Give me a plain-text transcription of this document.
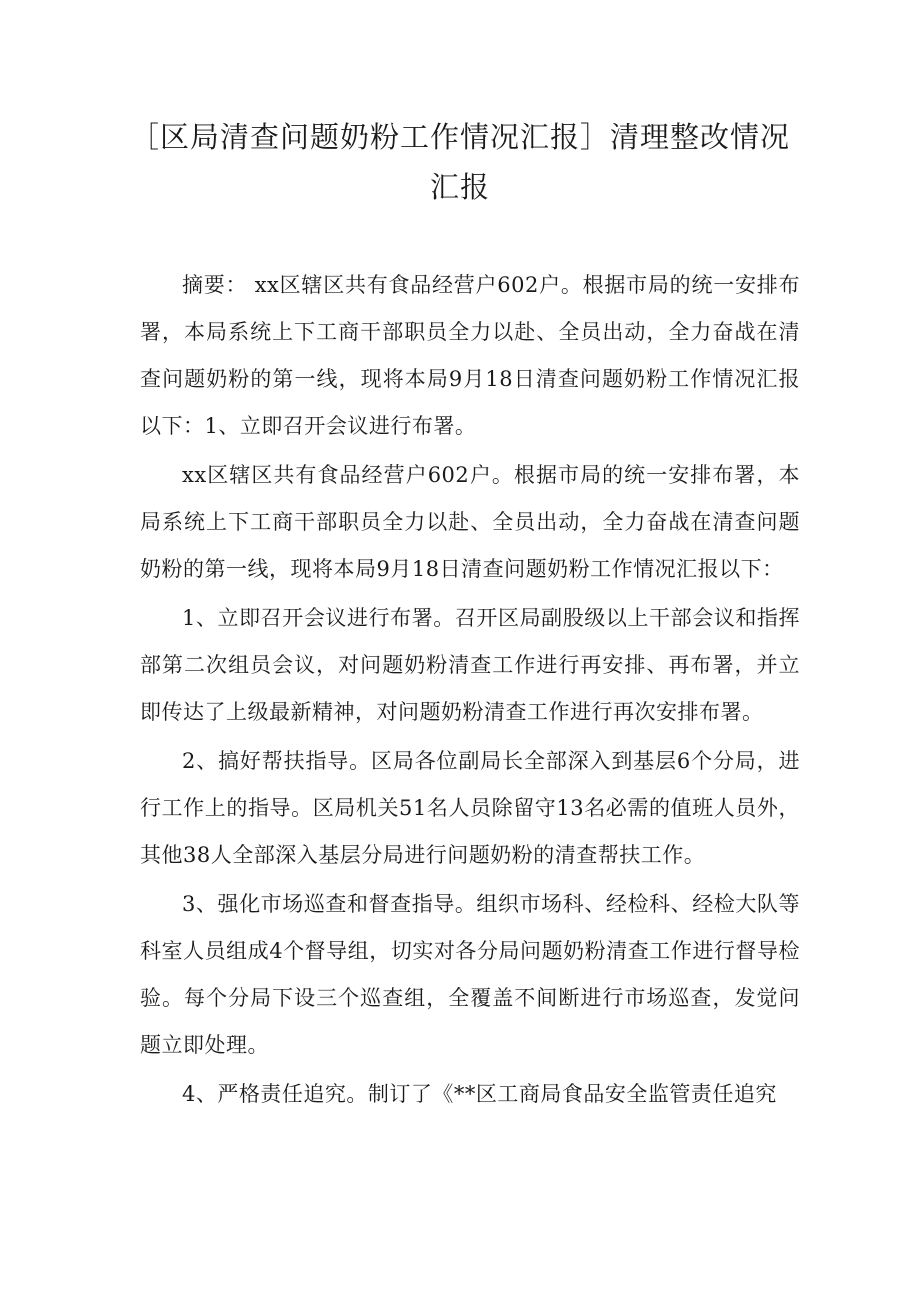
［区局清查问题奶粉工作情况汇报］清理整改情况汇报

摘要： xx区辖区共有食品经营户602户。根据市局的统一安排布署，本局系统上下工商干部职员全力以赴、全员出动，全力奋战在清查问题奶粉的第一线，现将本局9月18日清查问题奶粉工作情况汇报以下：1、立即召开会议进行布署。

xx区辖区共有食品经营户602户。根据市局的统一安排布署，本局系统上下工商干部职员全力以赴、全员出动，全力奋战在清查问题奶粉的第一线，现将本局9月18日清查问题奶粉工作情况汇报以下：

1、立即召开会议进行布署。召开区局副股级以上干部会议和指挥部第二次组员会议，对问题奶粉清查工作进行再安排、再布署，并立即传达了上级最新精神，对问题奶粉清查工作进行再次安排布署。

2、搞好帮扶指导。区局各位副局长全部深入到基层6个分局，进行工作上的指导。区局机关51名人员除留守13名必需的值班人员外，其他38人全部深入基层分局进行问题奶粉的清查帮扶工作。

3、强化市场巡查和督查指导。组织市场科、经检科、经检大队等科室人员组成4个督导组，切实对各分局问题奶粉清查工作进行督导检验。每个分局下设三个巡查组，全覆盖不间断进行市场巡查，发觉问题立即处理。

4、严格责任追究。制订了《**区工商局食品安全监管责任追究
